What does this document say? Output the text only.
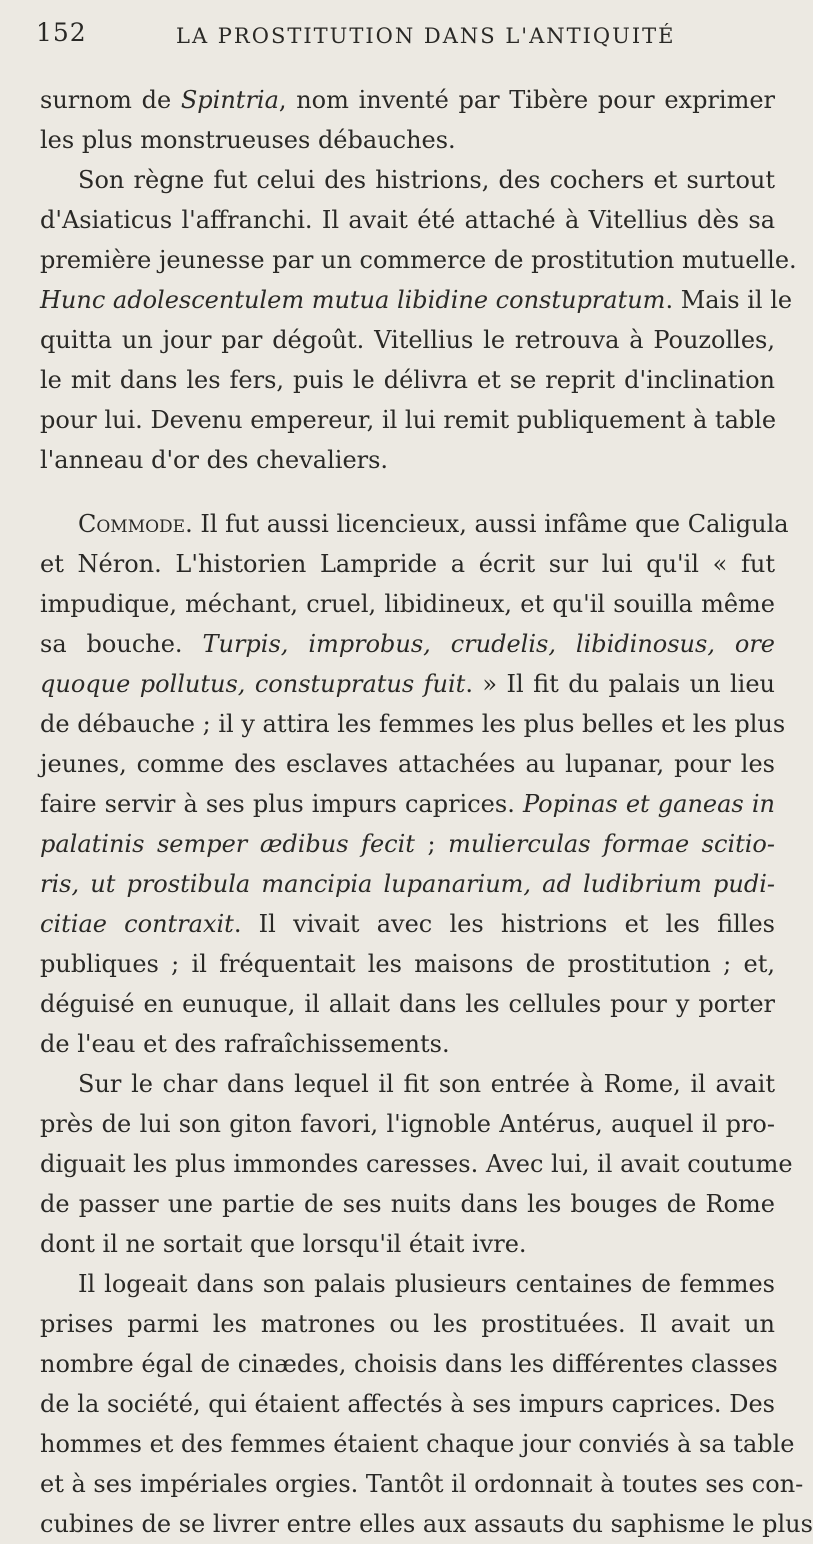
152	LA PROSTITUTION DANS L'ANTIQUITÉ
surnom de Spintria, nom inventé par Tibère pour exprimer
les plus monstrueuses débauches.
Son règne fut celui des histrions, des cochers et surtout
d'Asiaticus l'affranchi. Il avait été attaché à Vitellius dès sa
première jeunesse par un commerce de prostitution mutuelle.
Hunc adolescentulem mutua libidine constupratum. Mais il le
quitta un jour par dégoût. Vitellius le retrouva à Pouzolles,
le mit dans les fers, puis le délivra et se reprit d'inclination
pour lui. Devenu empereur, il lui remit publiquement à table
l'anneau d'or des chevaliers.
Commode. Il fut aussi licencieux, aussi infâme que Caligula
et Néron. L'historien Lampride a écrit sur lui qu'il « fut
impudique, méchant, cruel, libidineux, et qu'il souilla même
sa bouche. Turpis, improbus, crudelis, libidinosus, ore
quoque pollutus, constupratus fuit. » Il fit du palais un lieu
de débauche ; il y attira les femmes les plus belles et les plus
jeunes, comme des esclaves attachées au lupanar, pour les
faire servir à ses plus impurs caprices. Popinas et ganeas in
palatinis semper ædibus fecit ; mulierculas formae scitio-
ris, ut prostibula mancipia lupanarium, ad ludibrium pudi-
citiae contraxit. Il vivait avec les histrions et les filles
publiques ; il fréquentait les maisons de prostitution ; et,
déguisé en eunuque, il allait dans les cellules pour y porter
de l'eau et des rafraîchissements.
Sur le char dans lequel il fit son entrée à Rome, il avait
près de lui son giton favori, l'ignoble Antérus, auquel il pro-
diguait les plus immondes caresses. Avec lui, il avait coutume
de passer une partie de ses nuits dans les bouges de Rome
dont il ne sortait que lorsqu'il était ivre.
Il logeait dans son palais plusieurs centaines de femmes
prises parmi les matrones ou les prostituées. Il avait un
nombre égal de cinædes, choisis dans les différentes classes
de la société, qui étaient affectés à ses impurs caprices. Des
hommes et des femmes étaient chaque jour conviés à sa table
et à ses impériales orgies. Tantôt il ordonnait à toutes ses con-
cubines de se livrer entre elles aux assauts du saphisme le plus
